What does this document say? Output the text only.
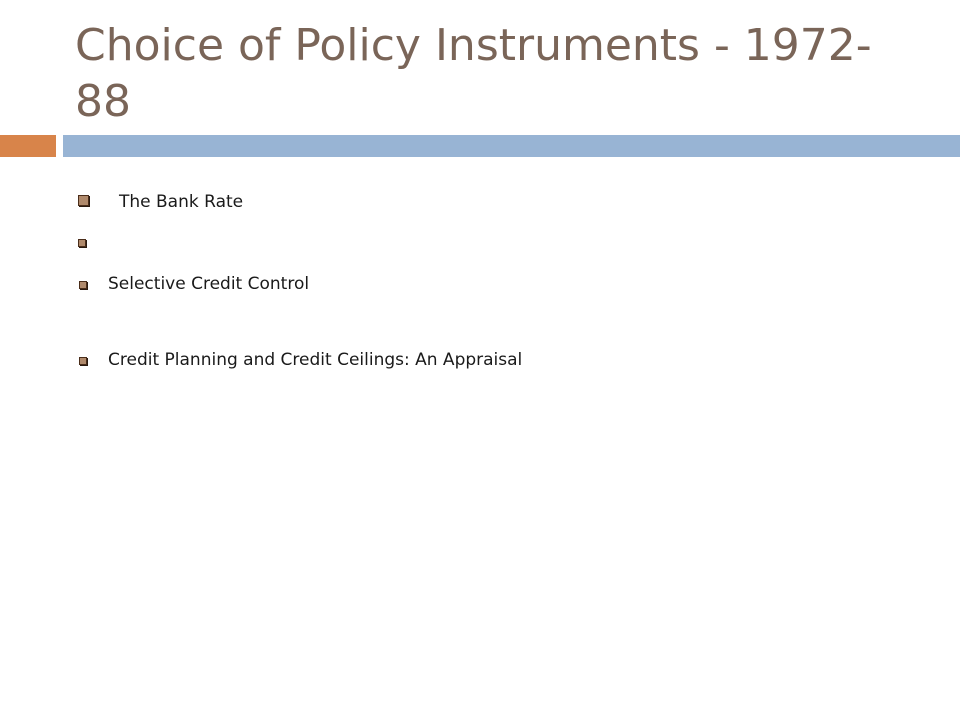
Choice of Policy Instruments - 1972-88
The Bank Rate
Selective Credit Control
Credit Planning and Credit Ceilings: An Appraisal
